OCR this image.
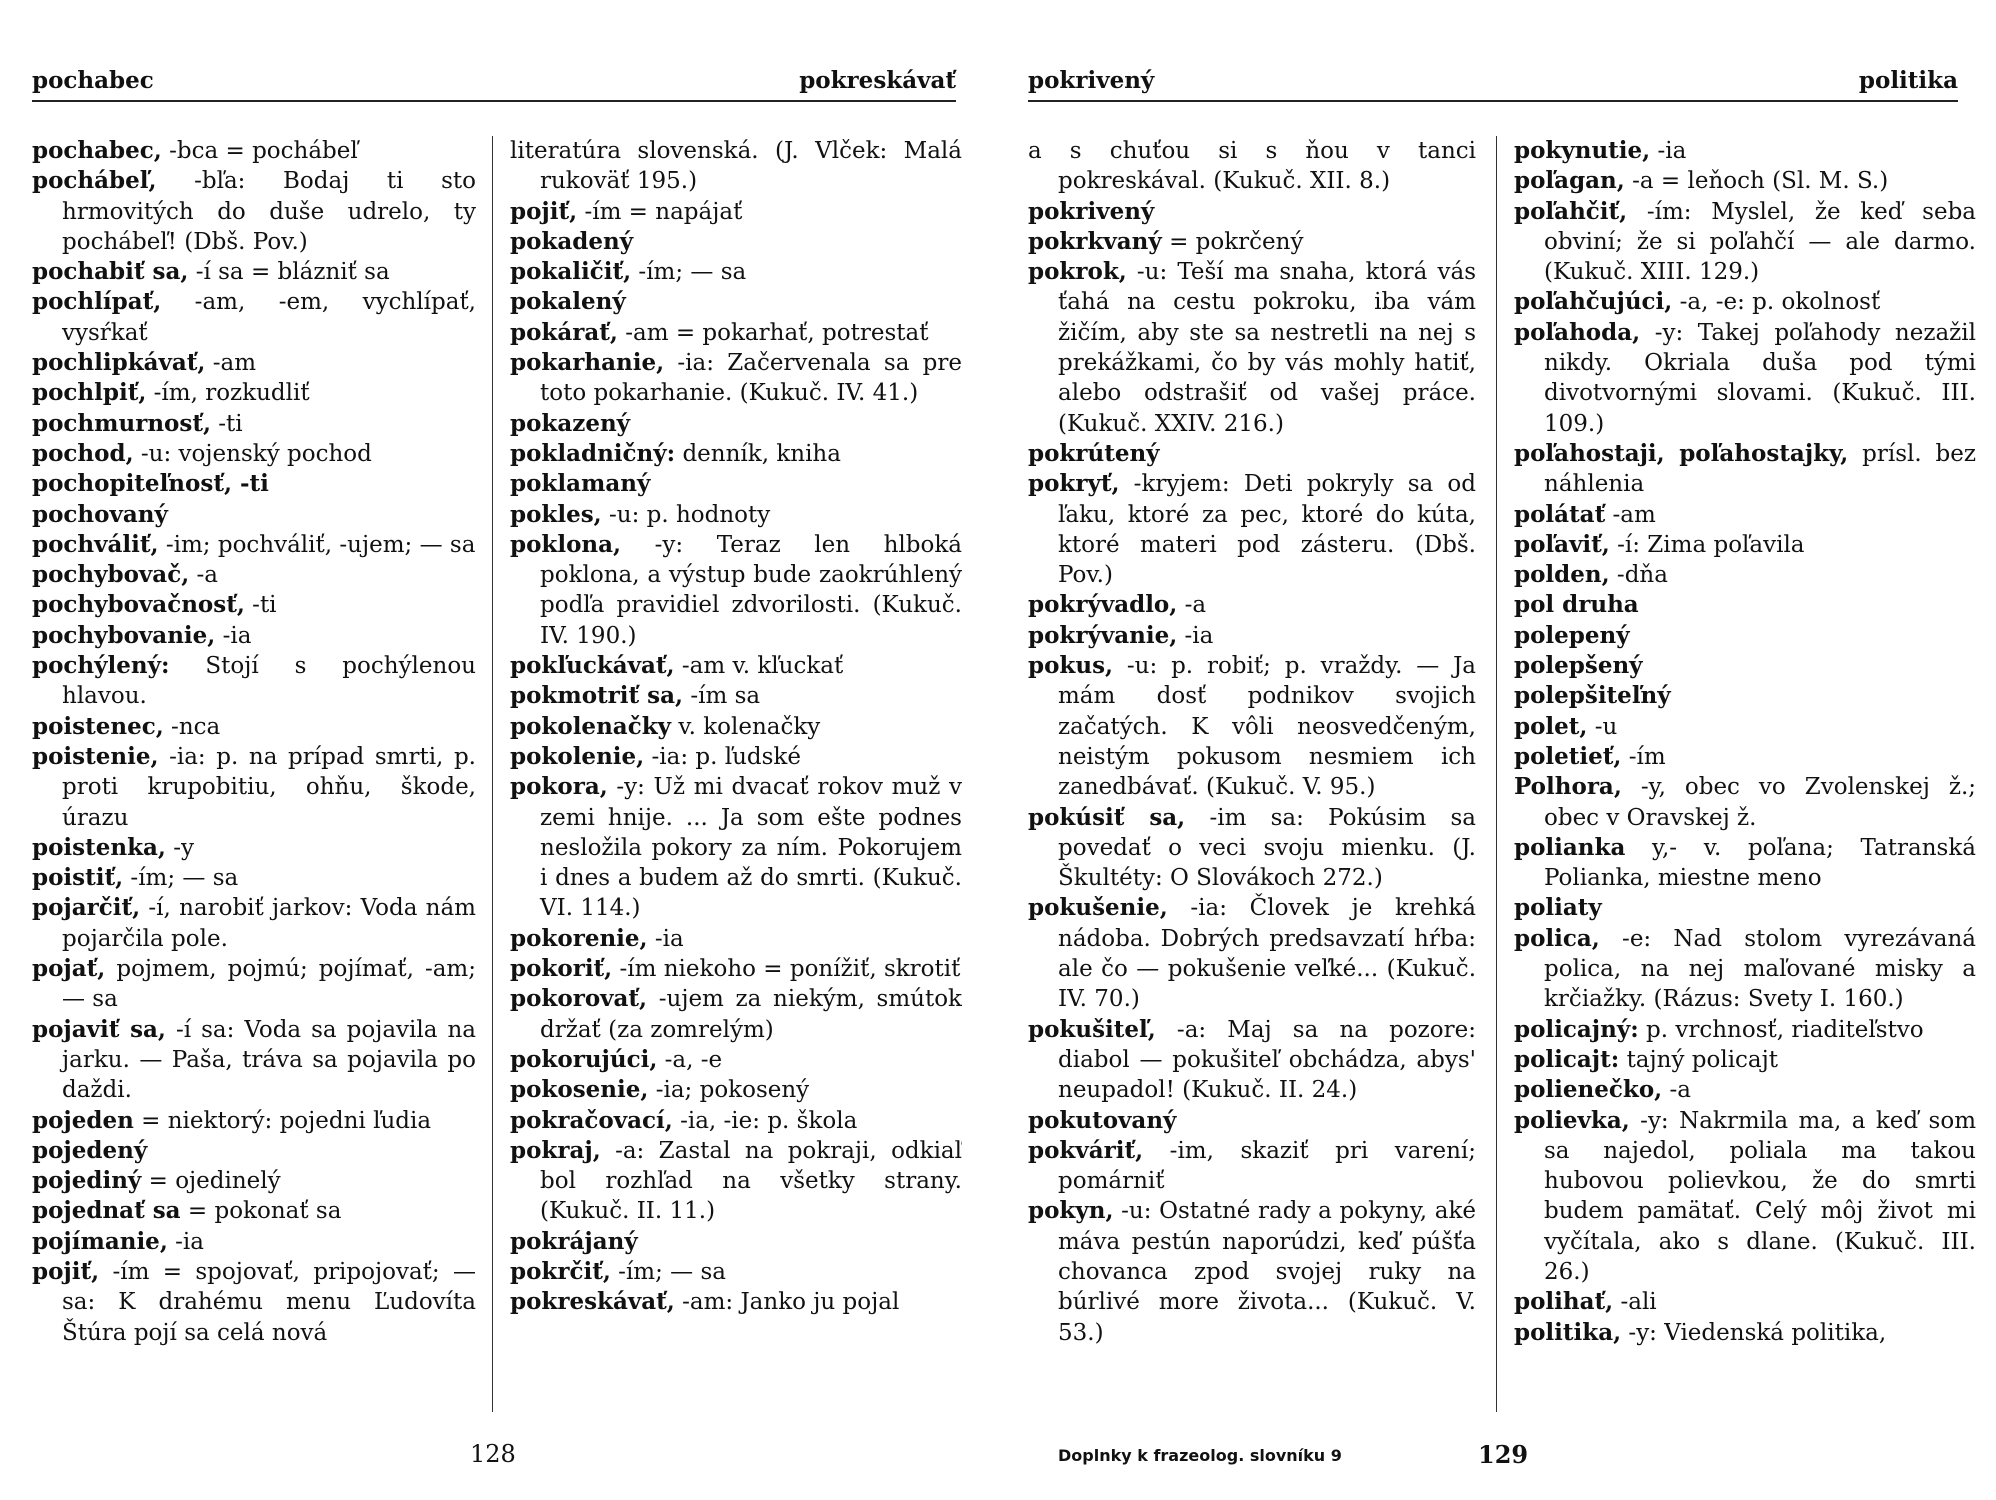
pochabec	pokreskávať
pochabec, -bca = pochábeľ
pochábeľ, -bľa: Bodaj ti sto hrmovitých do duše udrelo, ty pochábeľ! (Dbš. Pov.)
pochabiť sa, -í sa = blázniť sa
pochlípať, -am, -em, vychlípať, vysŕkať
pochlipkávať, -am
pochlpiť, -ím, rozkudliť
pochmurnosť, -ti
pochod, -u: vojenský pochod
pochopiteľnosť, -ti
pochovaný
pochváliť, -im; pochváliť, -ujem; — sa
pochybovač, -a
pochybovačnosť, -ti
pochybovanie, -ia
pochýlený: Stojí s pochýlenou hlavou.
poistenec, -nca
poistenie, -ia: p. na prípad smrti, p. proti krupobitiu, ohňu, škode, úrazu
poistenka, -y
poistiť, -ím; — sa
pojarčiť, -í, narobiť jarkov: Voda nám pojarčila pole.
pojať, pojmem, pojmú; pojímať, -am; — sa
pojaviť sa, -í sa: Voda sa pojavila na jarku. — Paša, tráva sa pojavila po daždi.
pojeden = niektorý: pojedni ľudia
pojedený
pojediný = ojedinelý
pojednať sa = pokonať sa
pojímanie, -ia
pojiť, -ím = spojovať, pripojovať; —sa: K drahému menu Ľudovíta Štúra pojí sa celá nová
literatúra slovenská. (J. Vlček: Malá rukoväť 195.)
pojiť, -ím = napájať
pokadený
pokaličiť, -ím; — sa
pokalený
pokárať, -am = pokarhať, potrestať
pokarhanie, -ia: Začervenala sa pre toto pokarhanie. (Kukuč. IV. 41.)
pokazený
pokladničný: denník, kniha
poklamaný
pokles, -u: p. hodnoty
poklona, -y: Teraz len hlboká poklona, a výstup bude zaokrúhlený podľa pravidiel zdvorilosti. (Kukuč. IV. 190.)
pokľuckávať, -am v. kľuckať
pokmotriť sa, -ím sa
pokolenačky v. kolenačky
pokolenie, -ia: p. ľudské
pokora, -y: Už mi dvacať rokov muž v zemi hnije. ... Ja som ešte podnes nesložila pokory za ním. Pokorujem i dnes a budem až do smrti. (Kukuč. VI. 114.)
pokorenie, -ia
pokoriť, -ím niekoho = ponížiť, skrotiť
pokorovať, -ujem za niekým, smútok držať (za zomrelým)
pokorujúci, -a, -e
pokosenie, -ia; pokosený
pokračovací, -ia, -ie: p. škola
pokraj, -a: Zastal na pokraji, odkiaľ bol rozhľad na všetky strany. (Kukuč. II. 11.)
pokrájaný
pokrčiť, -ím; — sa
pokreskávať, -am: Janko ju pojal
128
pokrivený	politika
a s chuťou si s ňou v tanci pokreskával. (Kukuč. XII. 8.)
pokrivený
pokrkvaný = pokrčený
pokrok, -u: Teší ma snaha, ktorá vás ťahá na cestu pokroku, iba vám žičím, aby ste sa nestretli na nej s prekážkami, čo by vás mohly hatiť, alebo odstrašiť od vašej práce. (Kukuč. XXIV. 216.)
pokrútený
pokryť, -kryjem: Deti pokryly sa od ľaku, ktoré za pec, ktoré do kúta, ktoré materi pod zásteru. (Dbš. Pov.)
pokrývadlo, -a
pokrývanie, -ia
pokus, -u: p. robiť; p. vraždy. — Ja mám dosť podnikov svojich začatých. K vôli neosvedčeným, neistým pokusom nesmiem ich zanedbávať. (Kukuč. V. 95.)
pokúsiť sa, -im sa: Pokúsim sa povedať o veci svoju mienku. (J. Škultéty: O Slovákoch 272.)
pokušenie, -ia: Človek je krehká nádoba. Dobrých predsavzatí hŕba: ale čo — pokušenie veľké... (Kukuč. IV. 70.)
pokušiteľ, -a: Maj sa na pozore: diabol — pokušiteľ obchádza, abys' neupadol! (Kukuč. II. 24.)
pokutovaný
pokváriť, -im, skaziť pri varení; pomárniť
pokyn, -u: Ostatné rady a pokyny, aké máva pestún naporúdzi, keď púšťa chovanca zpod svojej ruky na búrlivé more života... (Kukuč. V. 53.)
pokynutie, -ia
poľagan, -a = leňoch (Sl. M. S.)
poľahčiť, -ím: Myslel, že keď seba obviní; že si poľahčí — ale darmo. (Kukuč. XIII. 129.)
poľahčujúci, -a, -e: p. okolnosť
poľahoda, -y: Takej poľahody nezažil nikdy. Okriala duša pod tými divotvornými slovami. (Kukuč. III. 109.)
poľahostaji, poľahostajky, prísl. bez náhlenia
polátať -am
poľaviť, -í: Zima poľavila
polden, -dňa
pol druha
polepený
polepšený
polepšiteľný
polet, -u
poletieť, -ím
Polhora, -y, obec vo Zvolenskej ž.; obec v Oravskej ž.
polianka y,- v. poľana; Tatranská Polianka, miestne meno
poliaty
polica, -e: Nad stolom vyrezávaná polica, na nej maľované misky a krčiažky. (Rázus: Svety I. 160.)
policajný: p. vrchnosť, riaditeľstvo
policajt: tajný policajt
polienečko, -a
polievka, -y: Nakrmila ma, a keď som sa najedol, poliala ma takou hubovou polievkou, že do smrti budem pamätať. Celý môj život mi vyčítala, ako s dlane. (Kukuč. III. 26.)
polihať, -ali
politika, -y: Viedenská politika,
Doplnky k frazeolog. slovníku 9	129
